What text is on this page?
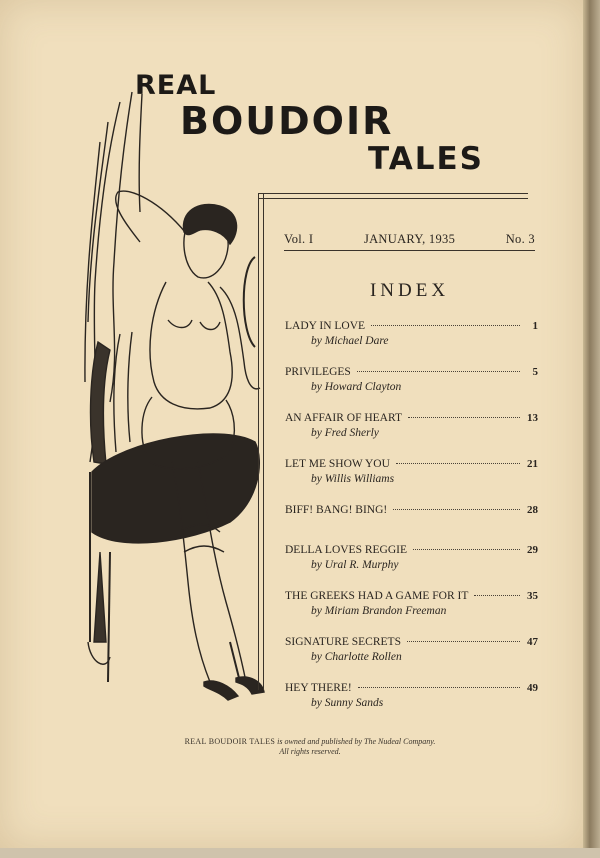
REAL
BOUDOIR
TALES
Vol. I	JANUARY, 1935	No. 3
INDEX
LADY IN LOVE	1
by Michael Dare
PRIVILEGES	5
by Howard Clayton
AN AFFAIR OF HEART	13
by Fred Sherly
LET ME SHOW YOU	21
by Willis Williams
BIFF! BANG! BING!	28
DELLA LOVES REGGIE	29
by Ural R. Murphy
THE GREEKS HAD A GAME FOR IT	35
by Miriam Brandon Freeman
SIGNATURE SECRETS	47
by Charlotte Rollen
HEY THERE!	49
by Sunny Sands
REAL BOUDOIR TALES is owned and published by The Nudeal Company.
All rights reserved.
